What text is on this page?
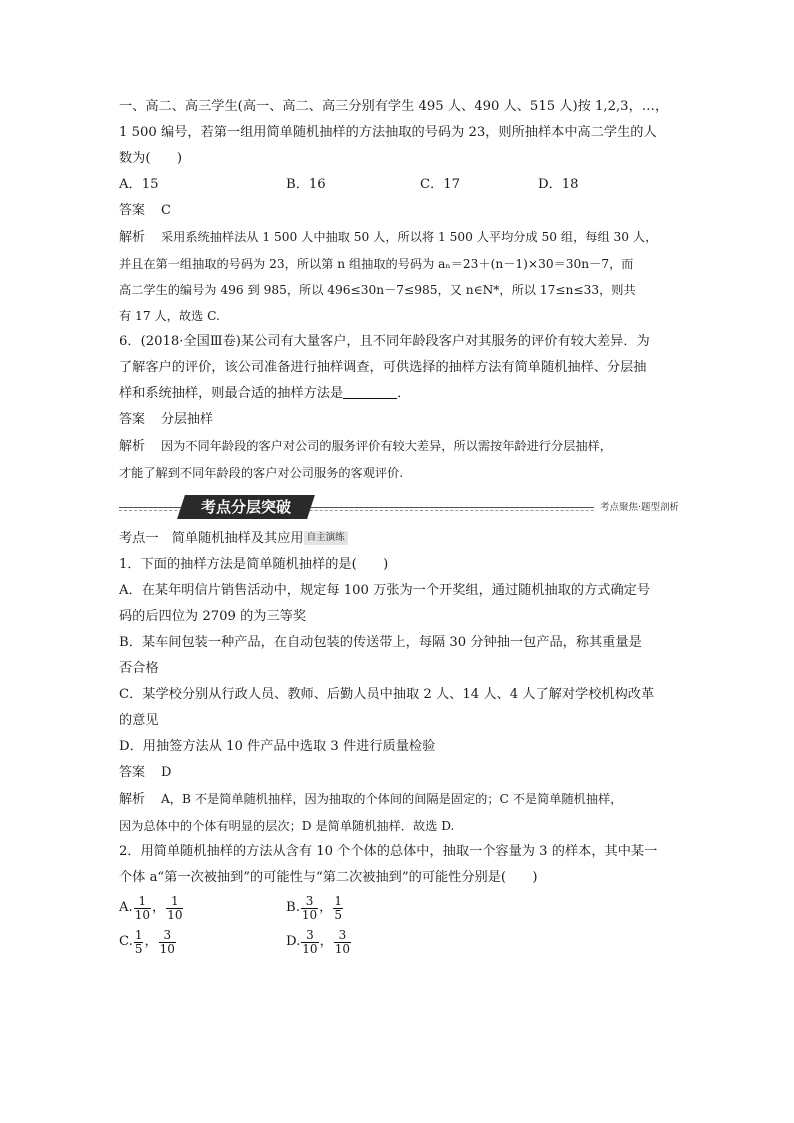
一、高二、高三学生(高一、高二、高三分别有学生 495 人、490 人、515 人)按 1,2,3，…，
1 500 编号，若第一组用简单随机抽样的方法抽取的号码为 23，则所抽样本中高二学生的人
数为(　　)
A．15	B．16	C．17	D．18
答案 C
解析 采用系统抽样法从 1 500 人中抽取 50 人，所以将 1 500 人平均分成 50 组，每组 30 人，
并且在第一组抽取的号码为 23，所以第 n 组抽取的号码为 aₙ＝23＋(n－1)×30＝30n－7，而
高二学生的编号为 496 到 985，所以 496≤30n－7≤985，又 n∈N*，所以 17≤n≤33，则共
有 17 人，故选 C.
6．(2018·全国Ⅲ卷)某公司有大量客户，且不同年龄段客户对其服务的评价有较大差异．为
了解客户的评价，该公司准备进行抽样调查，可供选择的抽样方法有简单随机抽样、分层抽
样和系统抽样，则最合适的抽样方法是	．
答案 分层抽样
解析 因为不同年龄段的客户对公司的服务评价有较大差异，所以需按年龄进行分层抽样，
才能了解到不同年龄段的客户对公司服务的客观评价.
考点分层突破	考点聚焦·题型剖析
考点一　简单随机抽样及其应用 自主演练
1．下面的抽样方法是简单随机抽样的是(　　)
A．在某年明信片销售活动中，规定每 100 万张为一个开奖组，通过随机抽取的方式确定号
码的后四位为 2709 的为三等奖
B．某车间包装一种产品，在自动包装的传送带上，每隔 30 分钟抽一包产品，称其重量是
否合格
C．某学校分别从行政人员、教师、后勤人员中抽取 2 人、14 人、4 人了解对学校机构改革
的意见
D．用抽签方法从 10 件产品中选取 3 件进行质量检验
答案 D
解析 A，B 不是简单随机抽样，因为抽取的个体间的间隔是固定的；C 不是简单随机抽样，
因为总体中的个体有明显的层次；D 是简单随机抽样．故选 D.
2．用简单随机抽样的方法从含有 10 个个体的总体中，抽取一个容量为 3 的样本，其中某一
个体 a“第一次被抽到”的可能性与“第二次被抽到”的可能性分别是(　　)
A. $\frac{1}{10}$ ， $\frac{1}{10}$	B. $\frac{3}{10}$ ， $\frac{1}{5}$
C. $\frac{1}{5}$ ， $\frac{3}{10}$	D. $\frac{3}{10}$ ， $\frac{3}{10}$
